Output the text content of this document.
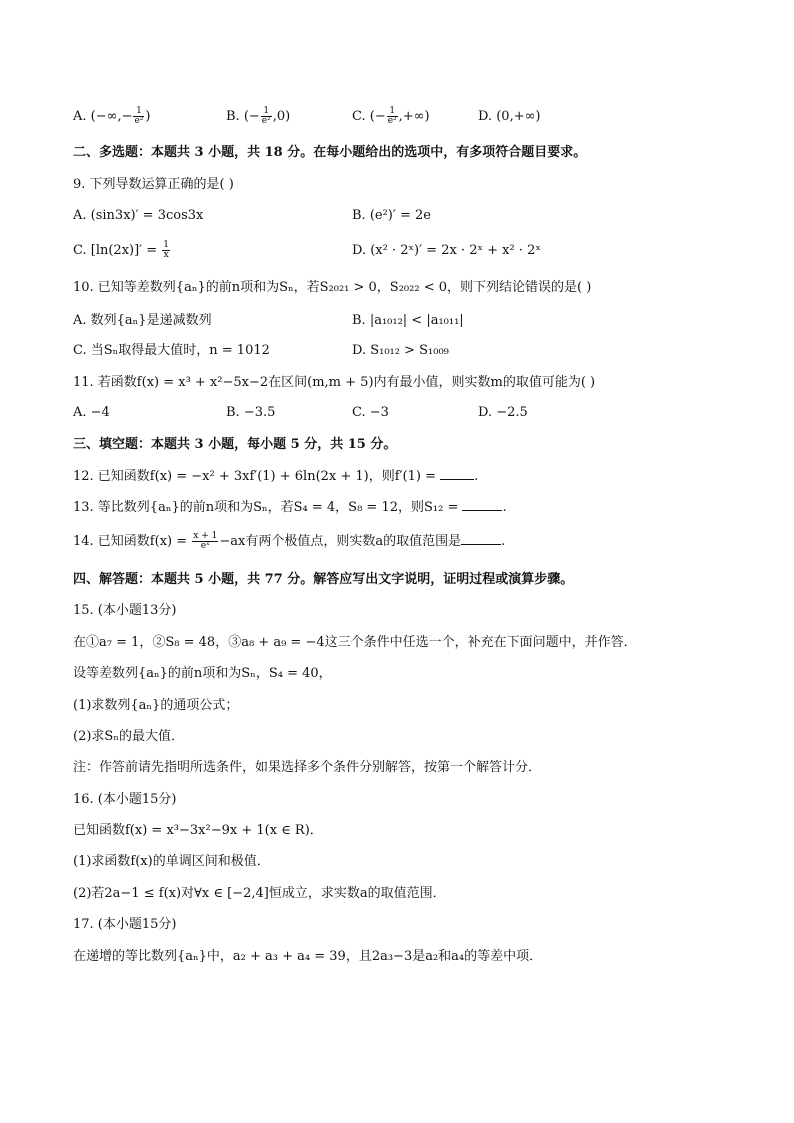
A. (−∞,− $\frac{1}{\text{e²}}$ )	B. (− $\frac{1}{\text{e²}} ,0$)	C. (− $\frac{1}{\text{e²}}$ ,+∞)	D. (0,+∞)
二、多选题：本题共 3 小题，共 18 分。在每小题给出的选项中，有多项符合题目要求。
9. 下列导数运算正确的是( )
A. (sin3x)′ = 3cos3x	B. (e²)′ = 2e
C. $[\ln(2x)]' = \frac{1}{x}$	D. (x² · 2ˣ)′ = 2x · 2ˣ + x² · 2ˣ
10. 已知等差数列{aₙ}的前n项和为Sₙ，若S₂₀₂₁ > 0，S₂₀₂₂ < 0，则下列结论错误的是( )
A. 数列{aₙ}是递减数列	B. |a₁₀₁₂| < |a₁₀₁₁|
C. 当Sₙ取得最大值时，n = 1012	D. S₁₀₁₂ > S₁₀₀₉
11. 若函数f(x) = x³ + x²−5x−2在区间(m,m + 5)内有最小值，则实数m的取值可能为( )
A. −4	B. −3.5	C. −3	D. −2.5
三、填空题：本题共 3 小题，每小题 5 分，共 15 分。
12. 已知函数f(x) = −x² + 3xf′(1) + 6ln(2x + 1)，则f′(1) =	.
13. 等比数列{aₙ}的前n项和为Sₙ，若S₄ = 4，S₈ = 12，则S₁₂ =	.
14. 已知函数$f(x) = \frac{x + 1}{\text{eˣ}} -ax$有两个极值点，则实数a的取值范围是	.
四、解答题：本题共 5 小题，共 77 分。解答应写出文字说明，证明过程或演算步骤。
15. (本小题13分)
在①a₇ = 1，②S₈ = 48，③a₈ + a₉ = −4这三个条件中任选一个，补充在下面问题中，并作答．
设等差数列{aₙ}的前n项和为Sₙ，S₄ = 40，
(1)求数列{aₙ}的通项公式；
(2)求Sₙ的最大值．
注：作答前请先指明所选条件，如果选择多个条件分别解答，按第一个解答计分．
16. (本小题15分)
已知函数f(x) = x³−3x²−9x + 1(x ∈ R)．
(1)求函数f(x)的单调区间和极值．
(2)若2a−1 ≤ f(x)对∀x ∈ [−2,4]恒成立，求实数a的取值范围．
17. (本小题15分)
在递增的等比数列{aₙ}中，a₂ + a₃ + a₄ = 39，且2a₃−3是a₂和a₄的等差中项．
